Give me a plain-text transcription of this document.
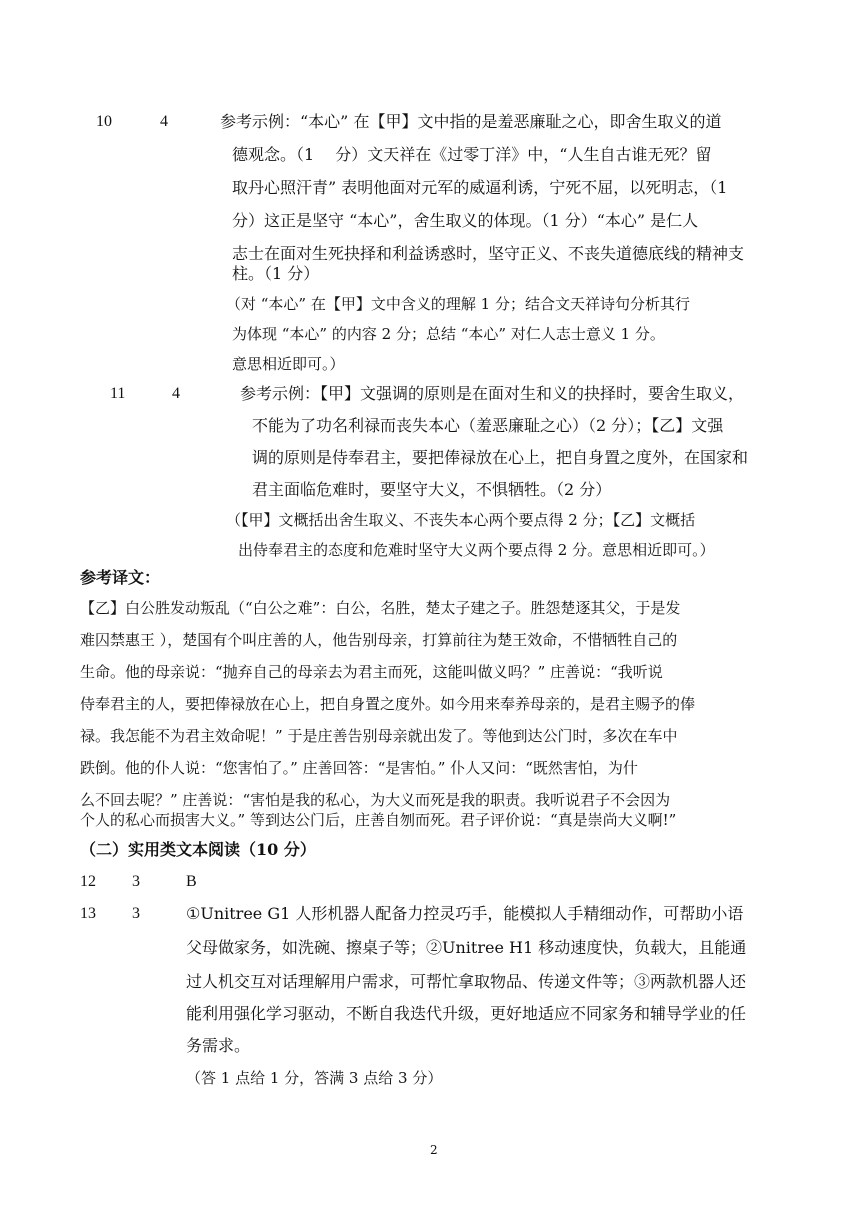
10	4	参考示例：“本心” 在【甲】文中指的是羞恶廉耻之心，即舍生取义的道
德观念。（1　 分）文天祥在《过零丁洋》中，“人生自古谁无死？留
取丹心照汗青” 表明他面对元军的威逼利诱，宁死不屈，以死明志，（1
分）这正是坚守 “本心”，舍生取义的体现。（1 分）“本心” 是仁人
志士在面对生死抉择和利益诱惑时，坚守正义、不丧失道德底线的精神支
柱。（1 分）
（对 “本心” 在【甲】文中含义的理解 1 分；结合文天祥诗句分析其行
为体现 “本心” 的内容 2 分；总结 “本心” 对仁人志士意义 1 分。
意思相近即可。）
11	4	参考示例：【甲】文强调的原则是在面对生和义的抉择时，要舍生取义，
不能为了功名利禄而丧失本心（羞恶廉耻之心）（2 分）；【乙】文强
调的原则是侍奉君主，要把俸禄放在心上，把自身置之度外，在国家和
君主面临危难时，要坚守大义，不惧牺牲。（2 分）
（【甲】文概括出舍生取义、不丧失本心两个要点得 2 分；【乙】文概括
出侍奉君主的态度和危难时坚守大义两个要点得 2 分。意思相近即可。）
参考译文：
【乙】白公胜发动叛乱（“白公之难”：白公，名胜，楚太子建之子。胜怨楚逐其父，于是发
难囚禁惠王 ），楚国有个叫庄善的人，他告别母亲，打算前往为楚王效命，不惜牺牲自己的
生命。他的母亲说：“抛弃自己的母亲去为君主而死，这能叫做义吗？” 庄善说：“我听说
侍奉君主的人，要把俸禄放在心上，把自身置之度外。如今用来奉养母亲的，是君主赐予的俸
禄。我怎能不为君主效命呢！” 于是庄善告别母亲就出发了。等他到达公门时，多次在车中
跌倒。他的仆人说：“您害怕了。” 庄善回答：“是害怕。” 仆人又问：“既然害怕，为什
么不回去呢？” 庄善说：“害怕是我的私心，为大义而死是我的职责。我听说君子不会因为
个人的私心而损害大义。” 等到达公门后，庄善自刎而死。君子评价说：“真是崇尚大义啊!”
（二）实用类文本阅读（10 分）
12 3	B
13 3	①Unitree G1 人形机器人配备力控灵巧手，能模拟人手精细动作，可帮助小语
父母做家务，如洗碗、擦桌子等；②Unitree H1 移动速度快，负载大，且能通
过人机交互对话理解用户需求，可帮忙拿取物品、传递文件等；③两款机器人还
能利用强化学习驱动，不断自我迭代升级，更好地适应不同家务和辅导学业的任
务需求。
（答 1 点给 1 分，答满 3 点给 3 分）
2
